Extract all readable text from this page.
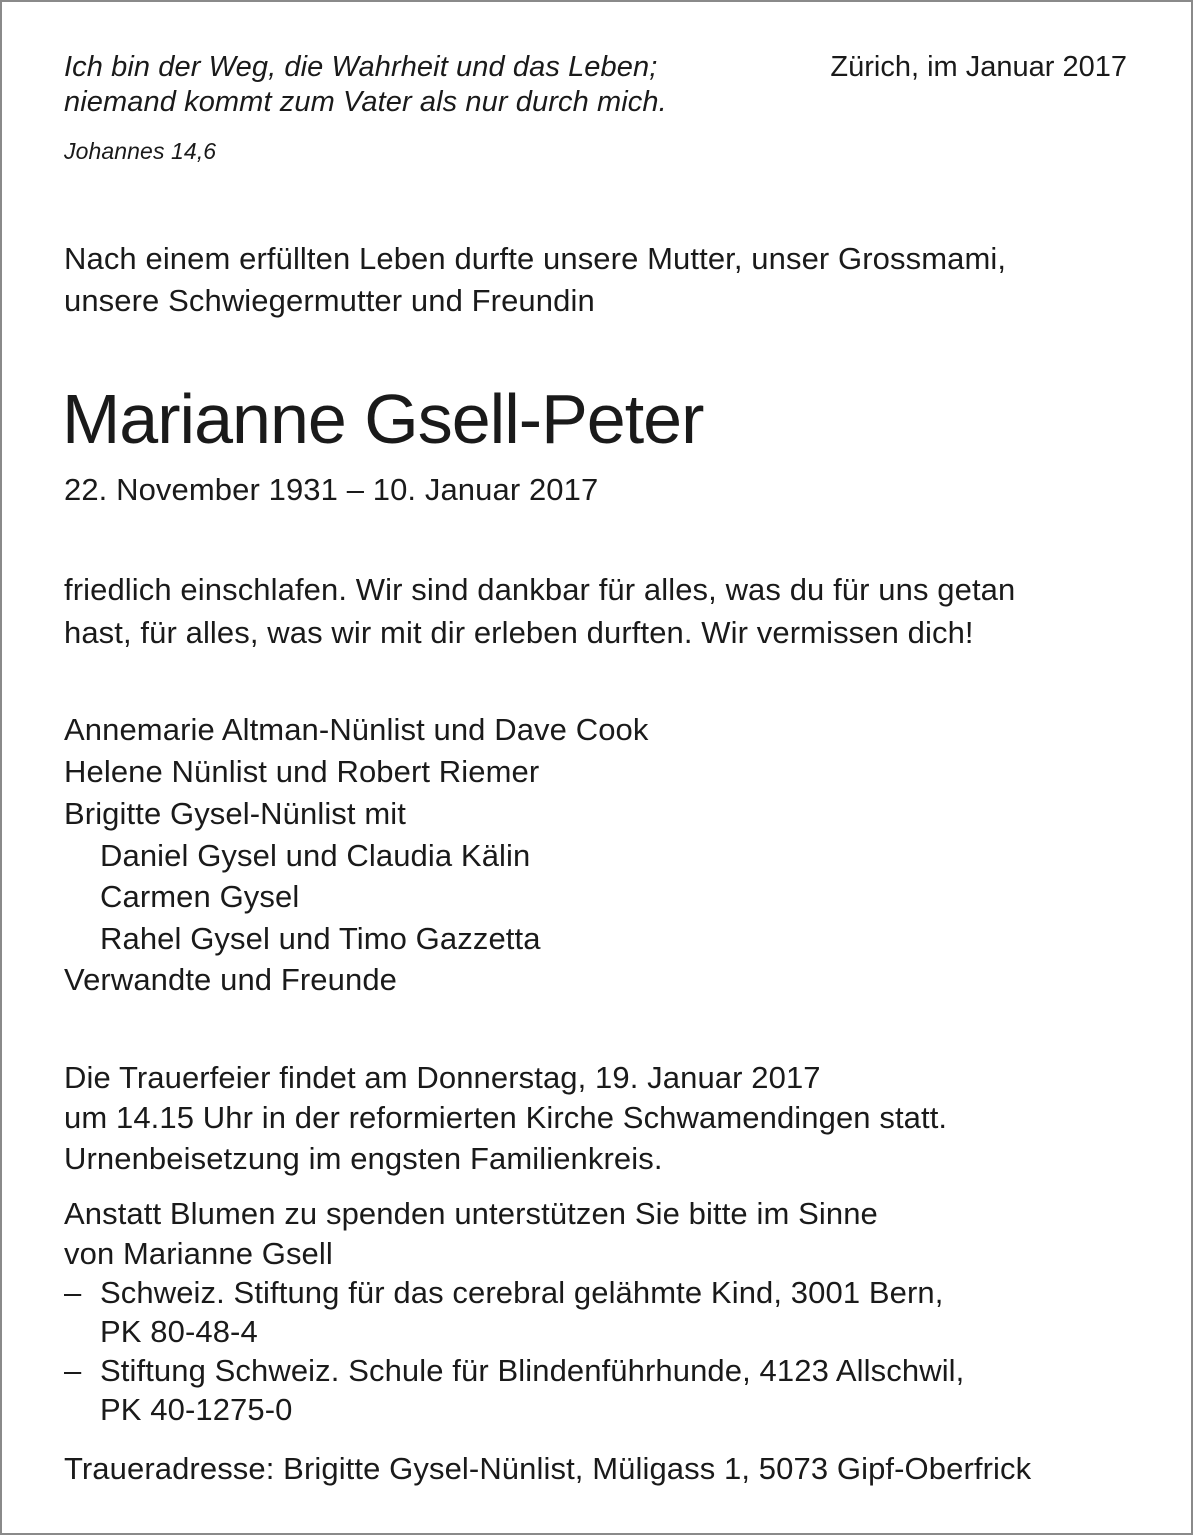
Ich bin der Weg, die Wahrheit und das Leben;
niemand kommt zum Vater als nur durch mich.
Johannes 14,6
Zürich, im Januar 2017
Nach einem erfüllten Leben durfte unsere Mutter, unser Grossmami,
unsere Schwiegermutter und Freundin
Marianne Gsell-Peter
22. November 1931 – 10. Januar 2017
friedlich einschlafen. Wir sind dankbar für alles, was du für uns getan
hast, für alles, was wir mit dir erleben durften. Wir vermissen dich!
Annemarie Altman-Nünlist und Dave Cook
Helene Nünlist und Robert Riemer
Brigitte Gysel-Nünlist mit
Daniel Gysel und Claudia Kälin
Carmen Gysel
Rahel Gysel und Timo Gazzetta
Verwandte und Freunde
Die Trauerfeier findet am Donnerstag, 19. Januar 2017
um 14.15 Uhr in der reformierten Kirche Schwamendingen statt.
Urnenbeisetzung im engsten Familienkreis.
Anstatt Blumen zu spenden unterstützen Sie bitte im Sinne
von Marianne Gsell
– Schweiz. Stiftung für das cerebral gelähmte Kind, 3001 Bern,
PK 80-48-4
– Stiftung Schweiz. Schule für Blindenführhunde, 4123 Allschwil,
PK 40-1275-0
Traueradresse: Brigitte Gysel-Nünlist, Müligass 1, 5073 Gipf-Oberfrick
